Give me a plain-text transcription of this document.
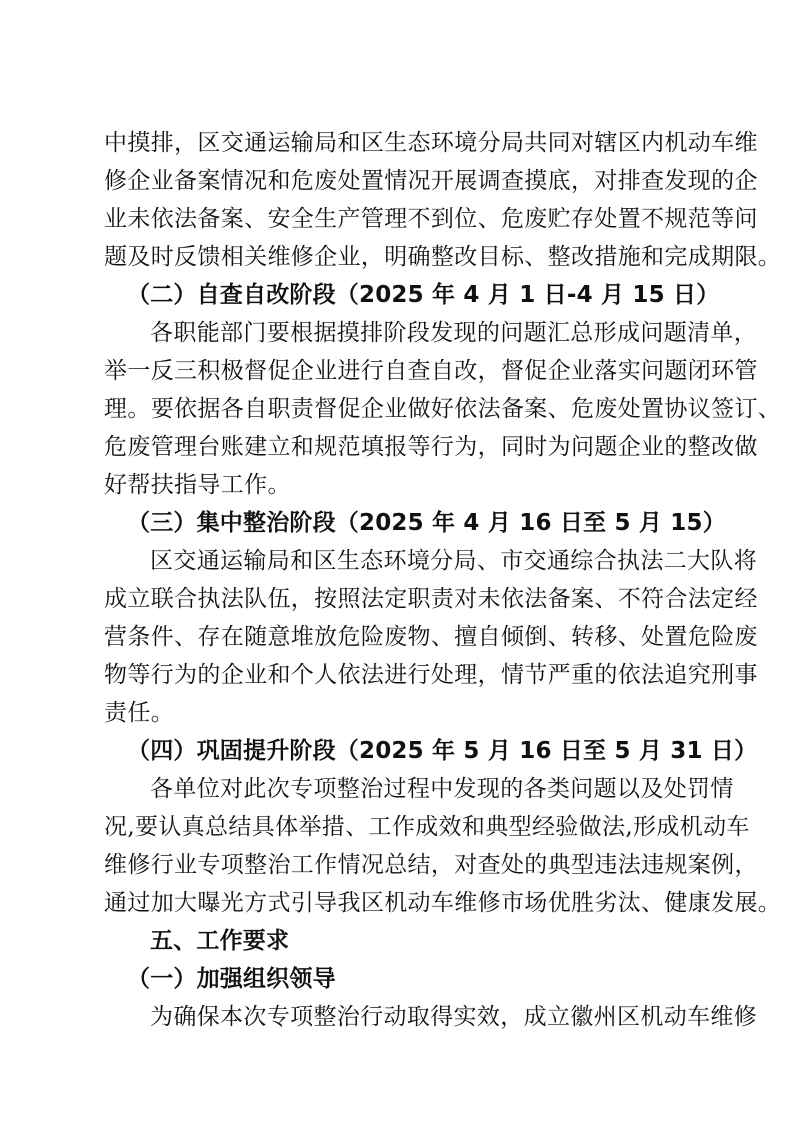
中摸排，区交通运输局和区生态环境分局共同对辖区内机动车维
修企业备案情况和危废处置情况开展调查摸底，对排查发现的企
业未依法备案、安全生产管理不到位、危废贮存处置不规范等问
题及时反馈相关维修企业，明确整改目标、整改措施和完成期限。
（二）自查自改阶段（2025 年 4 月 1 日-4 月 15 日）
各职能部门要根据摸排阶段发现的问题汇总形成问题清单，
举一反三积极督促企业进行自查自改，督促企业落实问题闭环管
理。要依据各自职责督促企业做好依法备案、危废处置协议签订、
危废管理台账建立和规范填报等行为，同时为问题企业的整改做
好帮扶指导工作。
（三）集中整治阶段（2025 年 4 月 16 日至 5 月 15）
区交通运输局和区生态环境分局、市交通综合执法二大队将
成立联合执法队伍，按照法定职责对未依法备案、不符合法定经
营条件、存在随意堆放危险废物、擅自倾倒、转移、处置危险废
物等行为的企业和个人依法进行处理，情节严重的依法追究刑事
责任。
（四）巩固提升阶段（2025 年 5 月 16 日至 5 月 31 日）
各单位对此次专项整治过程中发现的各类问题以及处罚情
况,要认真总结具体举措、工作成效和典型经验做法,形成机动车
维修行业专项整治工作情况总结，对查处的典型违法违规案例，
通过加大曝光方式引导我区机动车维修市场优胜劣汰、健康发展。
五、工作要求
（一）加强组织领导
为确保本次专项整治行动取得实效，成立徽州区机动车维修
